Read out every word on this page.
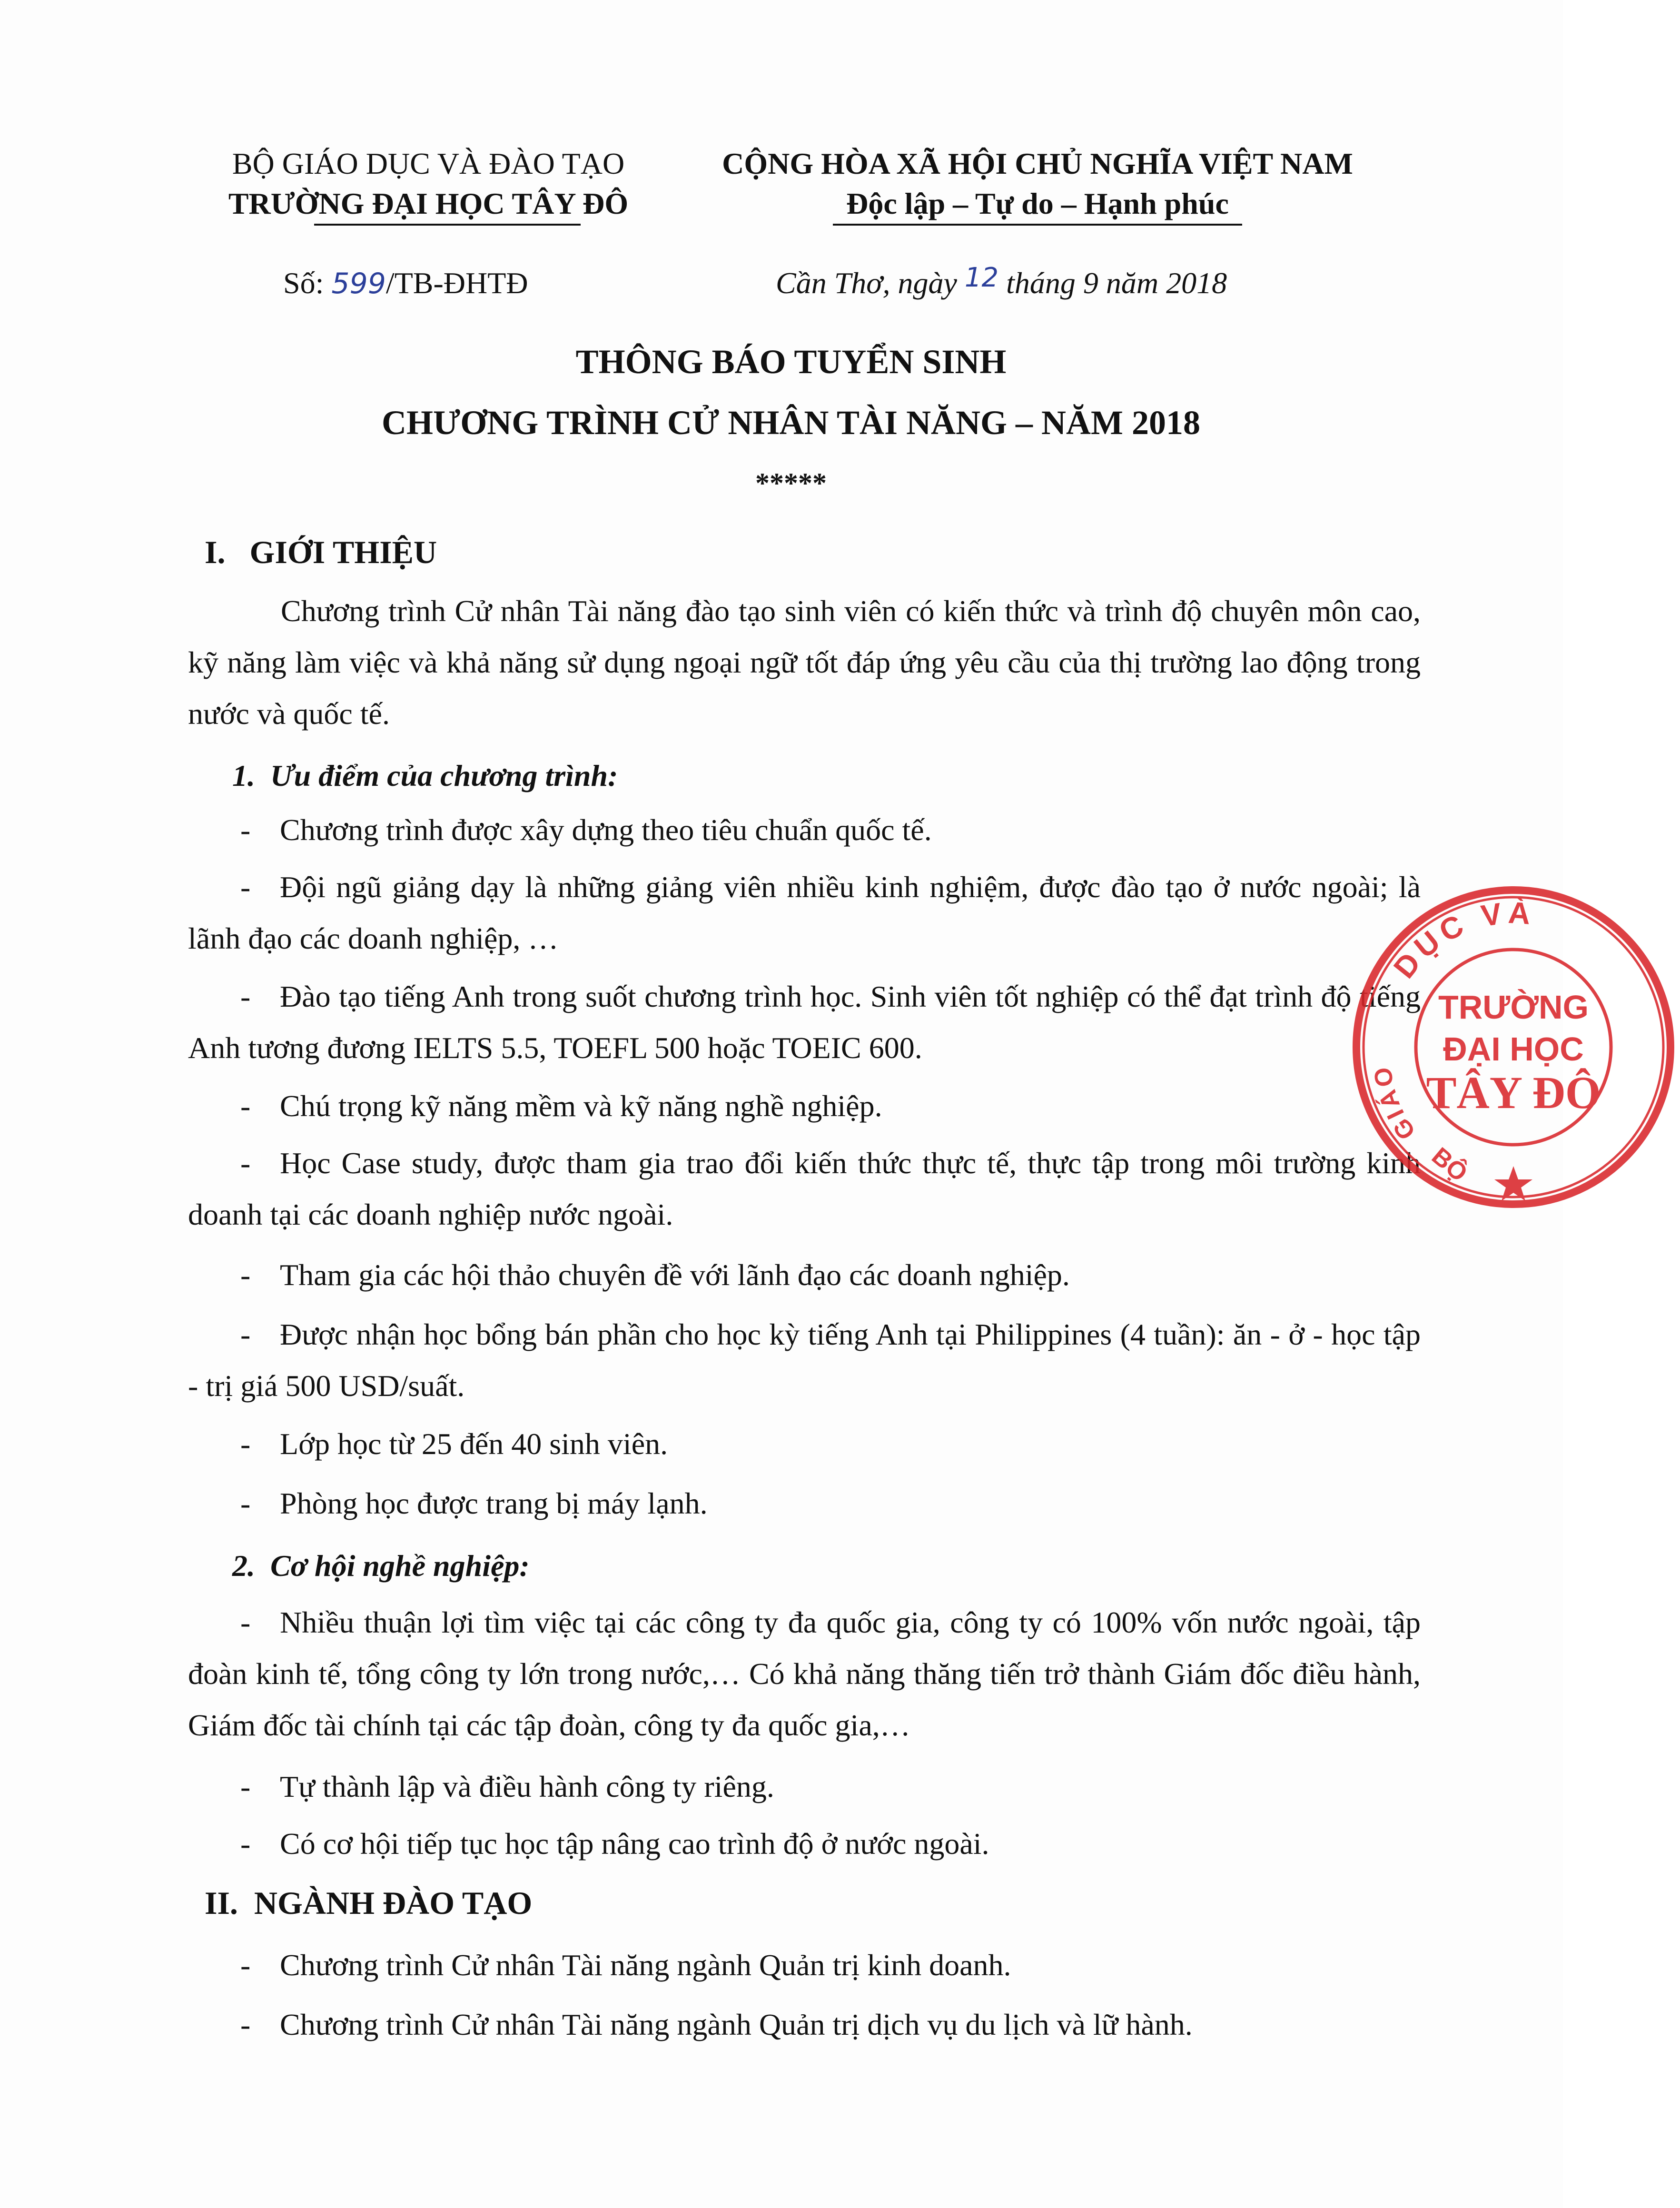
BỘ GIÁO DỤC VÀ ĐÀO TẠO
TRƯỜNG ĐẠI HỌC TÂY ĐÔ
CỘNG HÒA XÃ HỘI CHỦ NGHĨA VIỆT NAM
Độc lập – Tự do – Hạnh phúc
Số: 599/TB-ĐHTĐ	Cần Thơ, ngày 12 tháng 9 năm 2018
THÔNG BÁO TUYỂN SINH
CHƯƠNG TRÌNH CỬ NHÂN TÀI NĂNG – NĂM 2018
*****
I.   GIỚI THIỆU
Chương trình Cử nhân Tài năng đào tạo sinh viên có kiến thức và trình độ chuyên môn cao, kỹ năng làm việc và khả năng sử dụng ngoại ngữ tốt đáp ứng yêu cầu của thị trường lao động trong nước và quốc tế.
1.  Ưu điểm của chương trình:
- Chương trình được xây dựng theo tiêu chuẩn quốc tế.
- Đội ngũ giảng dạy là những giảng viên nhiều kinh nghiệm, được đào tạo ở nước ngoài; là lãnh đạo các doanh nghiệp, …
- Đào tạo tiếng Anh trong suốt chương trình học. Sinh viên tốt nghiệp có thể đạt trình độ tiếng Anh tương đương IELTS 5.5, TOEFL 500 hoặc TOEIC 600.
- Chú trọng kỹ năng mềm và kỹ năng nghề nghiệp.
- Học Case study, được tham gia trao đổi kiến thức thực tế, thực tập trong môi trường kinh doanh tại các doanh nghiệp nước ngoài.
- Tham gia các hội thảo chuyên đề với lãnh đạo các doanh nghiệp.
- Được nhận học bổng bán phần cho học kỳ tiếng Anh tại Philippines (4 tuần): ăn - ở - học tập - trị giá 500 USD/suất.
- Lớp học từ 25 đến 40 sinh viên.
- Phòng học được trang bị máy lạnh.
2.  Cơ hội nghề nghiệp:
- Nhiều thuận lợi tìm việc tại các công ty đa quốc gia, công ty có 100% vốn nước ngoài, tập đoàn kinh tế, tổng công ty lớn trong nước,… Có khả năng thăng tiến trở thành Giám đốc điều hành, Giám đốc tài chính tại các tập đoàn, công ty đa quốc gia,…
- Tự thành lập và điều hành công ty riêng.
- Có cơ hội tiếp tục học tập nâng cao trình độ ở nước ngoài.
II.  NGÀNH ĐÀO TẠO
- Chương trình Cử nhân Tài năng ngành Quản trị kinh doanh.
- Chương trình Cử nhân Tài năng ngành Quản trị dịch vụ du lịch và lữ hành.
DỤC VÀ
GIÁO
TRƯỜNG
ĐẠI HỌC
TÂY ĐÔ
BỘ
